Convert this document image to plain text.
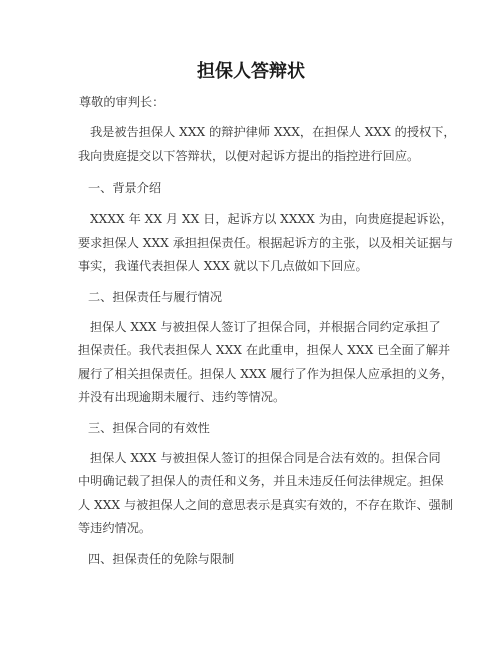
担保人答辩状
尊敬的审判长：
我是被告担保人 XXX 的辩护律师 XXX，在担保人 XXX 的授权下，
我向贵庭提交以下答辩状，以便对起诉方提出的指控进行回应。
一、背景介绍
XXXX 年 XX 月 XX 日，起诉方以 XXXX 为由，向贵庭提起诉讼，
要求担保人 XXX 承担担保责任。根据起诉方的主张，以及相关证据与
事实，我谨代表担保人 XXX 就以下几点做如下回应。
二、担保责任与履行情况
担保人 XXX 与被担保人签订了担保合同，并根据合同约定承担了
担保责任。我代表担保人 XXX 在此重申，担保人 XXX 已全面了解并
履行了相关担保责任。担保人 XXX 履行了作为担保人应承担的义务，
并没有出现逾期未履行、违约等情况。
三、担保合同的有效性
担保人 XXX 与被担保人签订的担保合同是合法有效的。担保合同
中明确记载了担保人的责任和义务，并且未违反任何法律规定。担保
人 XXX 与被担保人之间的意思表示是真实有效的，不存在欺诈、强制
等违约情况。
四、担保责任的免除与限制
